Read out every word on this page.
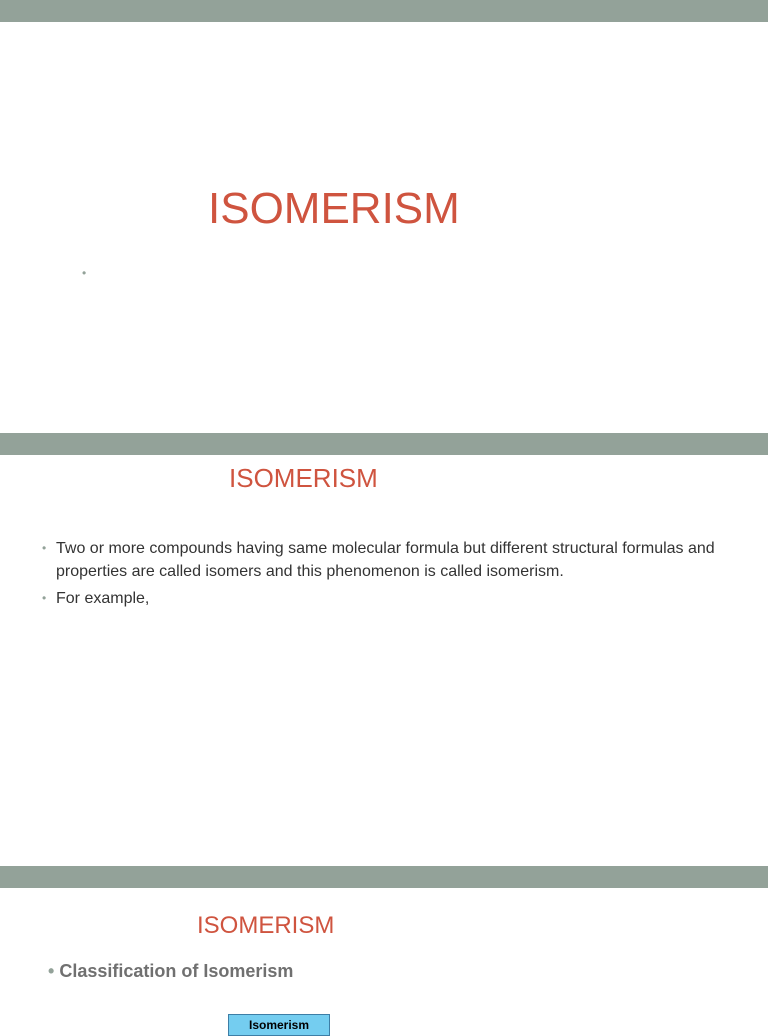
ISOMERISM
•
ISOMERISM
• Two or more compounds having same molecular formula but different structural formulas and properties are called isomers and this phenomenon is called isomerism.
• For example,
ISOMERISM
• Classification of Isomerism
Isomerism
